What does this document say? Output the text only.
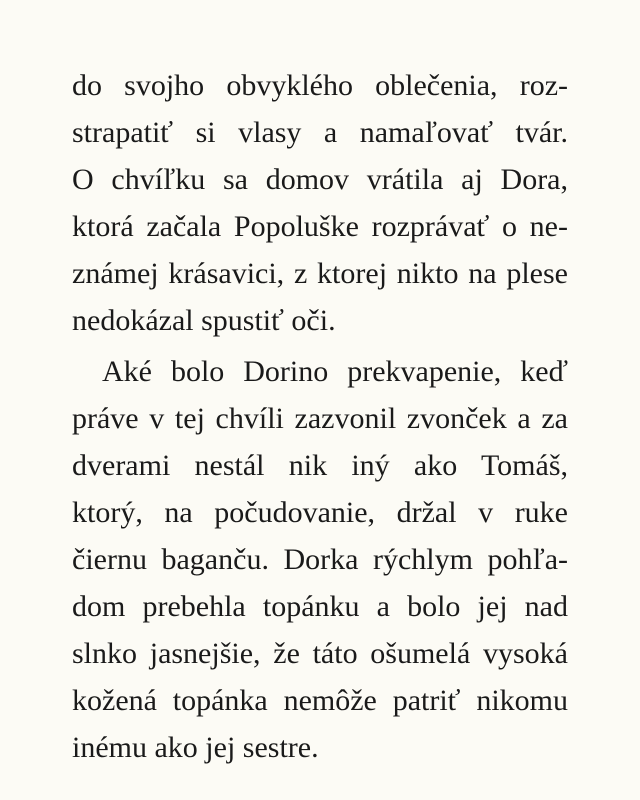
do svojho obvyklého oblečenia, roz-
strapatiť si vlasy a namaľovať tvár.
O chvíľku sa domov vrátila aj Dora,
ktorá začala Popoluške rozprávať o ne-
známej krásavici, z ktorej nikto na plese
nedokázal spustiť oči.
Aké bolo Dorino prekvapenie, keď
práve v tej chvíli zazvonil zvonček a za
dverami nestál nik iný ako Tomáš,
ktorý, na počudovanie, držal v ruke
čiernu baganču. Dorka rýchlym pohľa-
dom prebehla topánku a bolo jej nad
slnko jasnejšie, že táto ošumelá vysoká
kožená topánka nemôže patriť nikomu
inému ako jej sestre.
